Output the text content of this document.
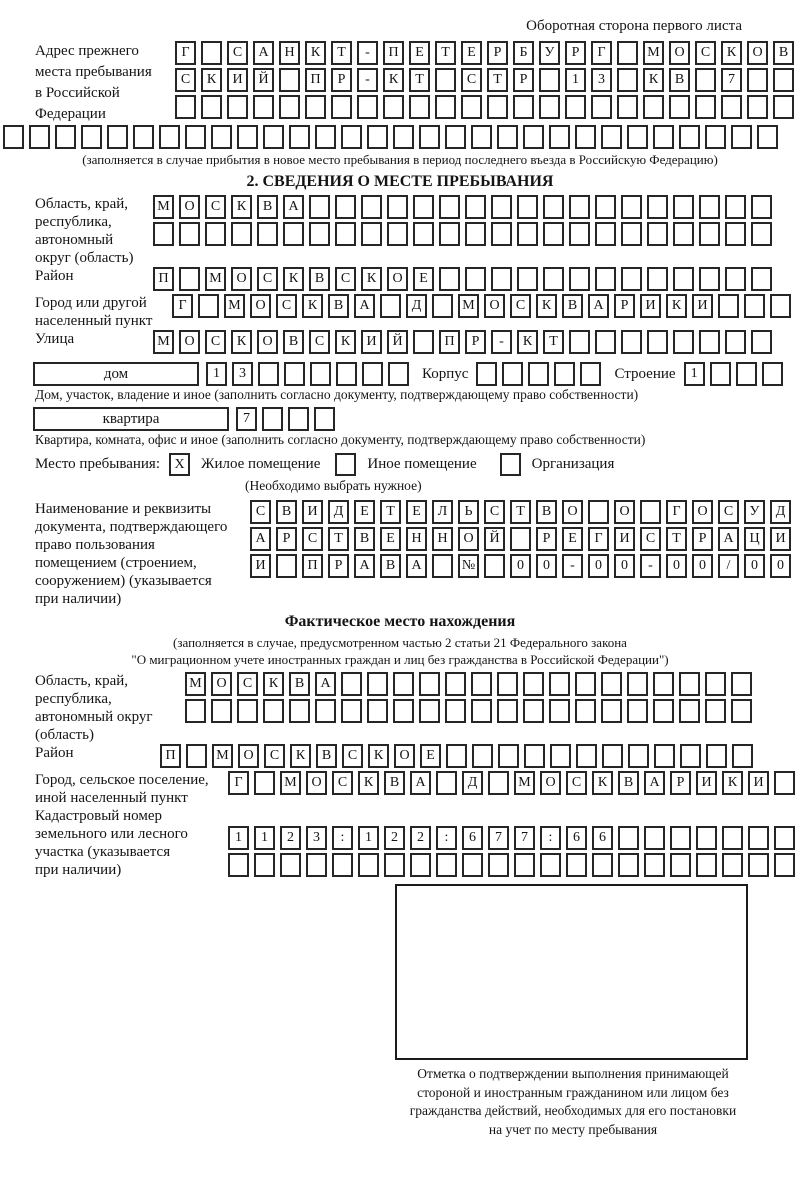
Оборотная сторона первого листа
Адрес прежнего
места пребывания
в Российской
Федерации
Г	С	А	Н	К	Т	-	П	Е	Т	Е	Р	Б	У	Р	Г	М	О	С	К	О	В
С	К	И	Й	П	Р	-	К	Т	С	Т	Р	1	3	К	В	7
(заполняется в случае прибытия в новое место пребывания в период последнего въезда в Российскую Федерацию)
2. СВЕДЕНИЯ О МЕСТЕ ПРЕБЫВАНИЯ
Область, край,
республика,
автономный
округ (область)
М	О	С	К	В	А
Район	П	М	О	С	К	В	С	К	О	Е
Город или другой
населенный пункт
Г	М	О	С	К	В	А	Д	М	О	С	К	В	А	Р	И	К	И
Улица	М	О	С	К	О	В	С	К	И	Й	П	Р	-	К	Т
дом	1	3	Корпус	Строение	1
Дом, участок, владение и иное (заполнить согласно документу, подтверждающему право собственности)
квартира	7
Квартира, комната, офис и иное (заполнить согласно документу, подтверждающему право собственности)
Место пребывания:	X	Жилое помещение	Иное помещение	Организация
(Необходимо выбрать нужное)
Наименование и реквизиты
документа, подтверждающего
право пользования
помещением (строением,
сооружением) (указывается
при наличии)
С	В	И	Д	Е	Т	Е	Л	Ь	С	Т	В	О	О	Г	О	С	У	Д
А	Р	С	Т	В	Е	Н	Н	О	Й	Р	Е	Г	И	С	Т	Р	А	Ц	И
И	П	Р	А	В	А	№	0	0	-	0	0	-	0	0	/	0	0
Фактическое место нахождения
(заполняется в случае, предусмотренном частью 2 статьи 21 Федерального закона
"О миграционном учете иностранных граждан и лиц без гражданства в Российской Федерации")
Область, край,
республика,
автономный округ
(область)
М	О	С	К	В	А
Район	П	М	О	С	К	В	С	К	О	Е
Город, сельское поселение,
иной населенный пункт
Г	М	О	С	К	В	А	Д	М	О	С	К	В	А	Р	И	К	И
Кадастровый номер
земельного или лесного
участка (указывается
при наличии)
1	1	2	3	:	1	2	2	:	6	7	7	:	6	6
Отметка о подтверждении выполнения принимающей
стороной и иностранным гражданином или лицом без
гражданства действий, необходимых для его постановки
на учет по месту пребывания
